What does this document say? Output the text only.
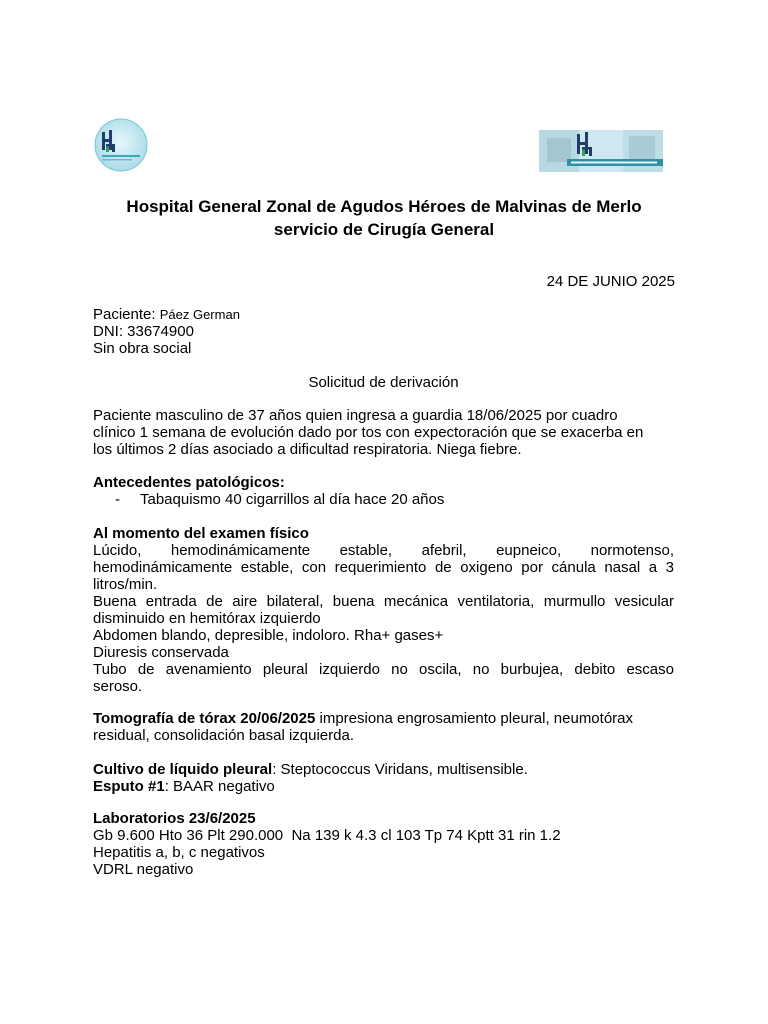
Hospital General Zonal de Agudos Héroes de Malvinas de Merlo
servicio de Cirugía General
24 DE JUNIO 2025
Paciente: Páez German
DNI: 33674900
Sin obra social
Solicitud de derivación
Paciente masculino de 37 años quien ingresa a guardia 18/06/2025 por cuadro
clínico 1 semana de evolución dado por tos con expectoración que se exacerba en
los últimos 2 días asociado a dificultad respiratoria. Niega fiebre.
Antecedentes patológicos:
- Tabaquismo 40 cigarrillos al día hace 20 años
Al momento del examen físico
Lúcido, hemodinámicamente estable, afebril, eupneico, normotenso,
hemodinámicamente estable, con requerimiento de oxigeno por cánula nasal a 3
litros/min.
Buena entrada de aire bilateral, buena mecánica ventilatoria, murmullo vesicular
disminuido en hemitórax izquierdo
Abdomen blando, depresible, indoloro. Rha+ gases+
Diuresis conservada
Tubo de avenamiento pleural izquierdo no oscila, no burbujea, debito escaso
seroso.
Tomografía de tórax 20/06/2025 impresiona engrosamiento pleural, neumotórax
residual, consolidación basal izquierda.
Cultivo de líquido pleural: Steptococcus Viridans, multisensible.
Esputo #1: BAAR negativo
Laboratorios 23/6/2025
Gb 9.600 Hto 36 Plt 290.000  Na 139 k 4.3 cl 103 Tp 74 Kptt 31 rin 1.2
Hepatitis a, b, c negativos
VDRL negativo
